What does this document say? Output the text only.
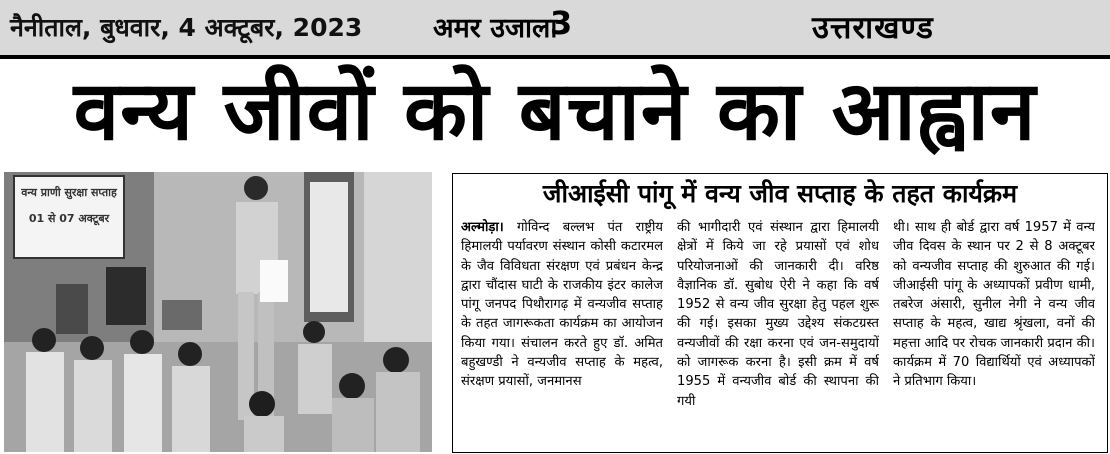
नैनीताल, बुधवार, 4 अक्टूबर, 2023	अमर उजाला
3	उत्तराखण्ड
वन्य जीवों को बचाने का आह्वान
वन्य प्राणी सुरक्षा सप्ताह
01 से 07 अक्टूबर
जीआईसी पांगू में वन्य जीव सप्ताह के तहत कार्यक्रम
अल्मोड़ा। गोविन्द बल्लभ पंत राष्ट्रीय हिमालयी पर्यावरण संस्थान कोसी कटारमल के जैव विविधता संरक्षण एवं प्रबंधन केन्द्र द्वारा चौंदास घाटी के राजकीय इंटर कालेज पांगू जनपद पिथौरागढ़ में वन्यजीव सप्ताह के तहत जागरूकता कार्यक्रम का आयोजन किया गया। संचालन करते हुए डॉ. अमित बहुखण्डी ने वन्यजीव सप्ताह के महत्व, संरक्षण प्रयासों, जनमानस
की भागीदारी एवं संस्थान द्वारा हिमालयी क्षेत्रों में किये जा रहे प्रयासों एवं शोध परियोजनाओं की जानकारी दी। वरिष्ठ वैज्ञानिक डॉ. सुबोध ऐरी ने कहा कि वर्ष 1952 से वन्य जीव सुरक्षा हेतु पहल शुरू की गई। इसका मुख्य उद्देश्य संकटग्रस्त वन्यजीवों की रक्षा करना एवं जन-समुदायों को जागरूक करना है। इसी क्रम में वर्ष 1955 में वन्यजीव बोर्ड की स्थापना की गयी
थी। साथ ही बोर्ड द्वारा वर्ष 1957 में वन्य जीव दिवस के स्थान पर 2 से 8 अक्टूबर को वन्यजीव सप्ताह की शुरुआत की गई। जीआईसी पांगू के अध्यापकों प्रवीण धामी, तबरेज अंसारी, सुनील नेगी ने वन्य जीव सप्ताह के महत्व, खाद्य श्रृंखला, वनों की महत्ता आदि पर रोचक जानकारी प्रदान की। कार्यक्रम में 70 विद्यार्थियों एवं अध्यापकों ने प्रतिभाग किया।
